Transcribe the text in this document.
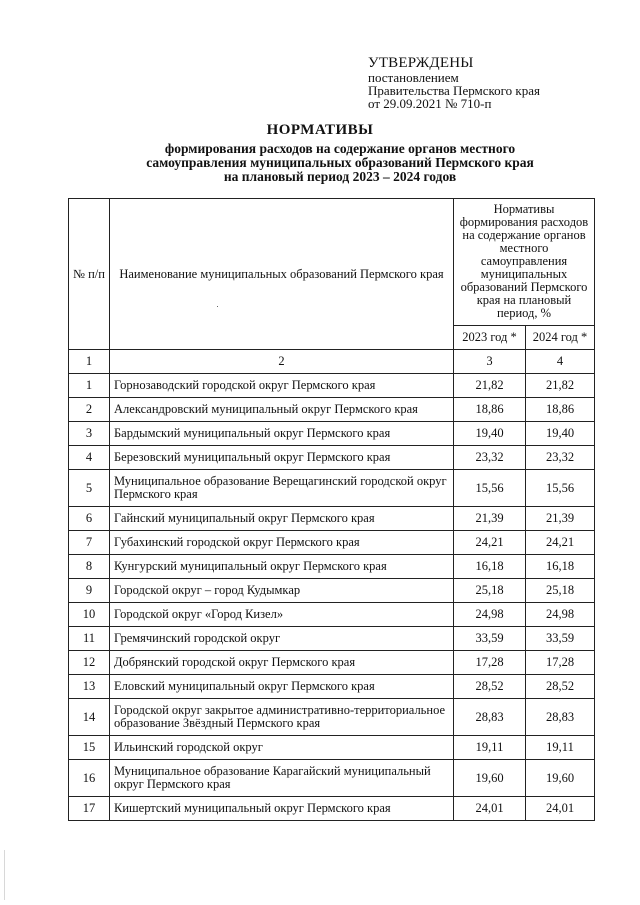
УТВЕРЖДЕНЫ
постановлением
Правительства Пермского края
от 29.09.2021 № 710-п
НОРМАТИВЫ
формирования расходов на содержание органов местного
самоуправления муниципальных образований Пермского края
на плановый период 2023 – 2024 годов
№ п/п	Наименование муниципальных образований Пермского края	Нормативы формирования расходов на содержание органов местного самоуправления муниципальных образований Пермского края на плановый период, %	
		2023 год *	2024 год *
1	2	3	4
1	Горнозаводский городской округ Пермского края	21,82	21,82
2	Александровский муниципальный округ Пермского края	18,86	18,86
3	Бардымский муниципальный округ Пермского края	19,40	19,40
4	Березовский муниципальный округ Пермского края	23,32	23,32
5	Муниципальное образование Верещагинский городской округ Пермского края	15,56	15,56
6	Гайнский муниципальный округ Пермского края	21,39	21,39
7	Губахинский городской округ Пермского края	24,21	24,21
8	Кунгурский муниципальный округ Пермского края	16,18	16,18
9	Городской округ – город Кудымкар	25,18	25,18
10	Городской округ «Город Кизел»	24,98	24,98
11	Гремячинский городской округ	33,59	33,59
12	Добрянский городской округ Пермского края	17,28	17,28
13	Еловский муниципальный округ Пермского края	28,52	28,52
14	Городской округ закрытое административно-территориальное образование Звёздный Пермского края	28,83	28,83
15	Ильинский городской округ	19,11	19,11
16	Муниципальное образование Карагайский муниципальный округ Пермского края	19,60	19,60
17	Кишертский муниципальный округ Пермского края	24,01	24,01
